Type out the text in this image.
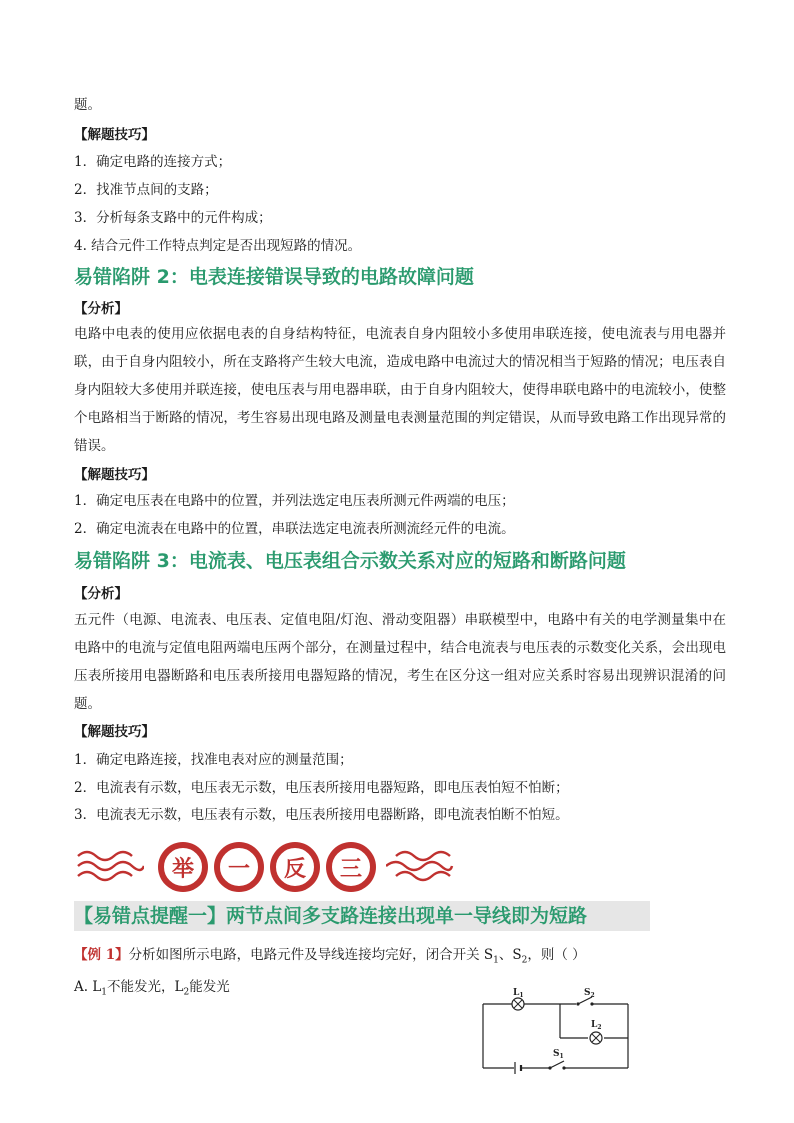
题。
【解题技巧】
1．确定电路的连接方式；
2．找准节点间的支路；
3．分析每条支路中的元件构成；
4. 结合元件工作特点判定是否出现短路的情况。
易错陷阱 2：电表连接错误导致的电路故障问题
【分析】
电路中电表的使用应依据电表的自身结构特征，电流表自身内阻较小多使用串联连接，使电流表与用电器并联，由于自身内阻较小，所在支路将产生较大电流，造成电路中电流过大的情况相当于短路的情况；电压表自身内阻较大多使用并联连接，使电压表与用电器串联，由于自身内阻较大，使得串联电路中的电流较小，使整个电路相当于断路的情况，考生容易出现电路及测量电表测量范围的判定错误，从而导致电路工作出现异常的错误。
【解题技巧】
1．确定电压表在电路中的位置，并列法选定电压表所测元件两端的电压；
2．确定电流表在电路中的位置，串联法选定电流表所测流经元件的电流。
易错陷阱 3：电流表、电压表组合示数关系对应的短路和断路问题
【分析】
五元件（电源、电流表、电压表、定值电阻/灯泡、滑动变阻器）串联模型中，电路中有关的电学测量集中在电路中的电流与定值电阻两端电压两个部分，在测量过程中，结合电流表与电压表的示数变化关系，会出现电压表所接用电器断路和电压表所接用电器短路的情况，考生在区分这一组对应关系时容易出现辨识混淆的问题。
【解题技巧】
1．确定电路连接，找准电表对应的测量范围；
2．电流表有示数，电压表无示数，电压表所接用电器短路，即电压表怕短不怕断；
3．电流表无示数，电压表有示数，电压表所接用电器断路，即电流表怕断不怕短。
举	一	反	三
【易错点提醒一】两节点间多支路连接出现单一导线即为短路
【例 1】分析如图所示电路，电路元件及导线连接均完好，闭合开关 $S_1$、$S_2$，则（ ）
A. $L_1$不能发光，$L_2$能发光	$L_1$
$L_2$
$S_2$
$S_1$
